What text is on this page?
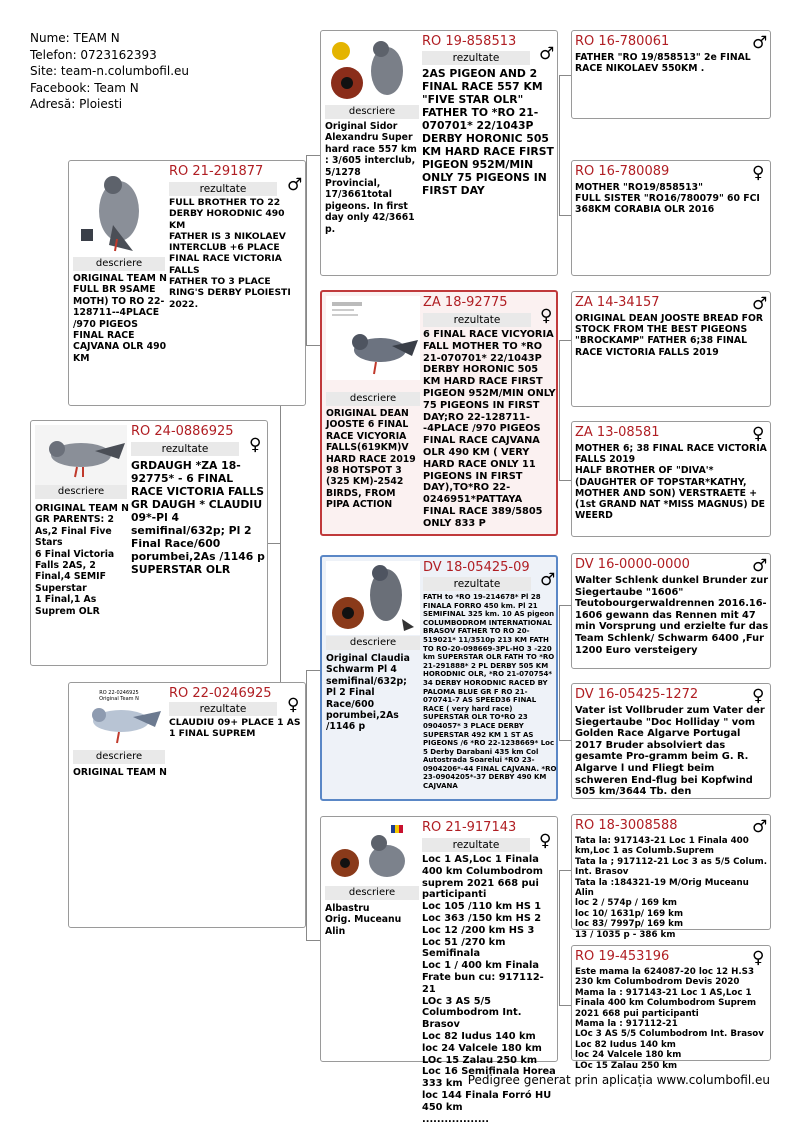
Nume: TEAM N
Telefon: 0723162393
Site: team-n.columbofil.eu
Facebook: Team N
Adresă: Ploiesti
descriere
RO 24-0886925
rezultate	♀
GRDAUGH *ZA 18-92775* - 6 FINAL RACE VICTORIA FALLS
GR DAUGH * CLAUDIU 09*-Pl 4 semifinal/632p; Pl 2 Final Race/600 porumbei,2As /1146 p SUPERSTAR OLR
ORIGINAL TEAM N
GR PARENTS: 2 As,2 Final Five Stars
6 Final Victoria Falls 2AS, 2 Final,4 SEMIF Superstar
1 Final,1 As Suprem OLR
descriere
RO 21-291877
rezultate	♂
FULL BROTHER TO 22 DERBY HORODNIC 490 KM
FATHER IS 3 NIKOLAEV INTERCLUB +6 PLACE FINAL RACE VICTORIA FALLS
FATHER TO 3 PLACE RING'S DERBY PLOIESTI 2022.
ORIGINAL TEAM N
FULL BR 9SAME MOTH) TO RO 22-128711--4PLACE /970 PIGEOS FINAL RACE CAJVANA OLR 490 KM
RO 22-0246925
Original Team N
descriere
RO 22-0246925
rezultate	♀
CLAUDIU 09+ PLACE 1 AS 1 FINAL SUPREM
ORIGINAL TEAM N
descriere
RO 19-858513
rezultate	♂
2AS PIGEON AND 2 FINAL RACE 557 KM "FIVE STAR OLR" FATHER TO *RO 21-070701* 22/1043P DERBY HORONIC 505 KM HARD RACE FIRST PIGEON 952M/MIN ONLY 75 PIGEONS IN FIRST DAY
Original Sidor Alexandru Super hard race 557 km : 3/605 interclub, 5/1278 Provincial, 17/3661total pigeons. In first day only 42/3661 p.
descriere
ZA 18-92775
rezultate	♀
6 FINAL RACE VICYORIA FALL MOTHER TO *RO 21-070701* 22/1043P DERBY HORONIC 505 KM HARD RACE FIRST PIGEON 952M/MIN ONLY 75 PIGEONS IN FIRST DAY;RO 22-128711--4PLACE /970 PIGEOS FINAL RACE CAJVANA OLR 490 KM ( VERY HARD RACE ONLY 11 PIGEONS IN FIRST DAY),TO*RO 22-0246951*PATTAYA FINAL RACE 389/5805 ONLY 833 P
ORIGINAL DEAN JOOSTE 6 FINAL RACE VICYORIA FALLS(619KM)V HARD RACE 2019
98 HOTSPOT 3 (325 KM)-2542 BIRDS, FROM PIPA ACTION
descriere
DV 18-05425-09
rezultate	♂
FATH to *RO 19-214678* Pl 28 FINALA FORRO 450 km. Pl 21 SEMIFINAL 325 km. 10 AS pigeon COLUMBODROM INTERNATIONAL BRASOV FATHER TO RO 20-519021* 11/3510p 213 KM FATH TO RO-20-098669-3PL-HO 3 -220 km SUPERSTAR OLR FATH TO *RO 21-291888* 2 PL DERBY 505 KM HORODNIC OLR, *RO 21-070754* 34 DERBY HORODNIC RACED BY PALOMA BLUE GR F RO 21-070741-7 AS SPEED36 FINAL RACE ( very hard race) SUPERSTAR OLR TO*RO 23 0904057* 3 PLACE DERBY SUPERSTAR 492 KM 1 ST AS PIGEONS /6 *RO 22-1238669* Loc 5 Derby Darabani 435 km Col Autostrada Soarelui *RO 23-0904206*-44 FINAL CAJVANA. *RO 23-0904205*-37 DERBY 490 KM CAJVANA
Original Claudia Schwarm Pl 4 semifinal/632p; Pl 2 Final Race/600 porumbei,2As /1146 p
descriere
RO 21-917143
rezultate	♀
Loc 1 AS,Loc 1 Finala 400 km Columbodrom suprem 2021 668 pui participanti
Loc 105 /110 km HS 1
Loc 363 /150 km HS 2
Loc 12 /200 km HS 3
Loc 51 /270 km Semifinala
Loc 1 / 400 km Finala
Frate bun cu: 917112-21
LOc 3 AS 5/5 Columbodrom Int. Brasov
Loc 82 Iudus 140 km
loc 24 Valcele 180 km
LOc 15 Zalau 250 km
Loc 16 Semifinala Horea 333 km
loc 144 Finala Forró HU 450 km
..................
Albastru
Orig. Muceanu Alin
RO 16-780061	♂
FATHER "RO 19/858513" 2e FINAL RACE NIKOLAEV 550KM .
RO 16-780089	♀
MOTHER "RO19/858513"
FULL SISTER "RO16/780079" 60 FCI 368KM CORABIA OLR 2016
ZA 14-34157	♂
ORIGINAL DEAN JOOSTE BREAD FOR STOCK FROM THE BEST PIGEONS "BROCKAMP" FATHER 6;38 FINAL RACE VICTORIA FALLS 2019
ZA 13-08581	♀
MOTHER 6; 38 FINAL RACE VICTORIA FALLS 2019
HALF BROTHER OF "DIVA'*(DAUGHTER OF TOPSTAR*KATHY, MOTHER AND SON) VERSTRAETE +(1st GRAND NAT *MISS MAGNUS) DE WEERD
DV 16-0000-0000	♂
Walter Schlenk dunkel Brunder zur Siegertaube "1606" Teutobourgerwaldrennen 2016.16-1606 gewann das Rennen mit 47 min Vorsprung und erzielte fur das Team Schlenk/ Schwarm 6400 ,Fur 1200 Euro versteigery
DV 16-05425-1272	♀
Vater ist Vollbruder zum Vater der Siegertaube "Doc Holliday " vom Golden Race Algarve Portugal 2017 Bruder absolviert das gesamte Pro-gramm beim G. R. Algarve l und Fliegt beim schweren End-flug bei Kopfwind 505 km/3644 Tb. den
RO 18-3008588	♂
Tata la: 917143-21 Loc 1 Finala 400 km,Loc 1 as Columb.Suprem
Tata la ; 917112-21 Loc 3 as 5/5 Colum. Int. Brasov
Tata la :184321-19 M/Orig Muceanu Alin
loc 2 / 574p / 169 km
loc 10/ 1631p/ 169 km
loc 83/ 7997p/ 169 km
13 / 1035 p - 386 km
RO 19-453196	♀
Este mama la 624087-20 loc 12 H.S3 230 km Columbodrom Devis 2020
Mama la : 917143-21 Loc 1 AS,Loc 1 Finala 400 km Columbodrom Suprem 2021 668 pui participanti
Mama la : 917112-21
LOc 3 AS 5/5 Columbodrom Int. Brasov
Loc 82 Iudus 140 km
loc 24 Valcele 180 km
LOc 15 Zalau 250 km
Pedigree generat prin aplicația www.columbofil.eu
